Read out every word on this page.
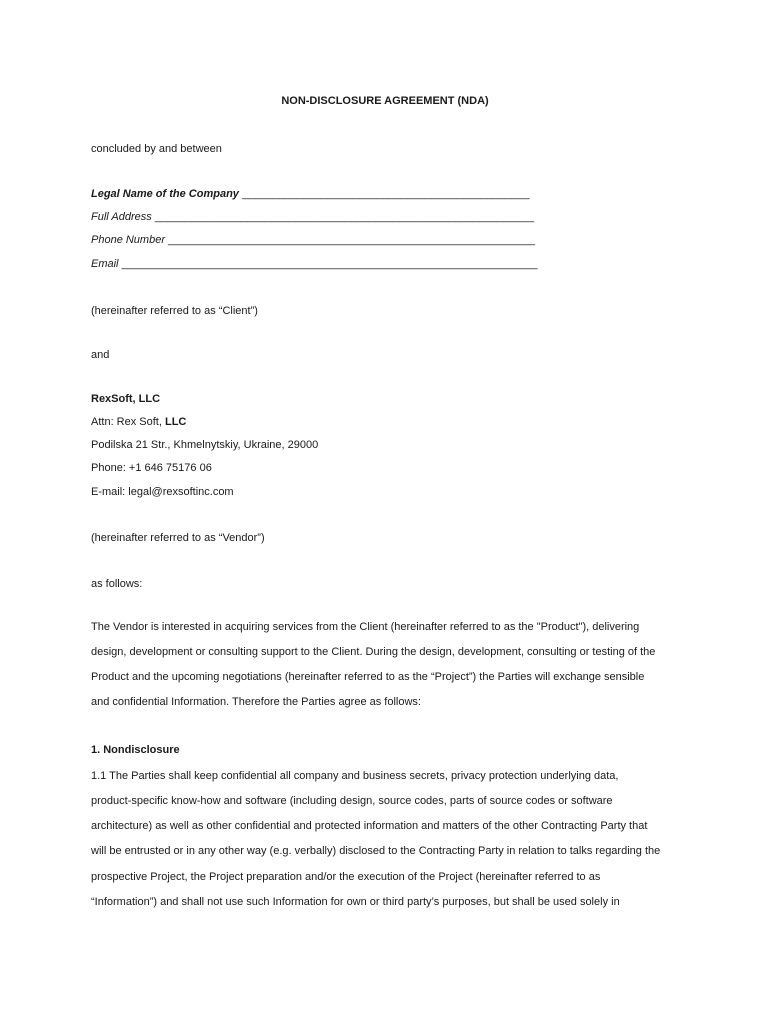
NON-DISCLOSURE AGREEMENT (NDA)
concluded by and between
Legal Name of the Company _______________________________________________
Full Address ______________________________________________________________
Phone Number ____________________________________________________________
Email ____________________________________________________________________
(hereinafter referred to as “Client”)
and
RexSoft, LLC
Attn: Rex Soft, LLC
Podilska 21 Str., Khmelnytskiy, Ukraine, 29000
Phone: +1 646 75176 06
E-mail: legal@rexsoftinc.com
(hereinafter referred to as “Vendor”)
as follows:
The Vendor is interested in acquiring services from the Client (hereinafter referred to as the "Product"), delivering
design, development or consulting support to the Client. During the design, development, consulting or testing of the
Product and the upcoming negotiations (hereinafter referred to as the “Project”) the Parties will exchange sensible
and confidential Information. Therefore the Parties agree as follows:
1. Nondisclosure
1.1 The Parties shall keep confidential all company and business secrets, privacy protection underlying data,
product-specific know-how and software (including design, source codes, parts of source codes or software
architecture) as well as other confidential and protected information and matters of the other Contracting Party that
will be entrusted or in any other way (e.g. verbally) disclosed to the Contracting Party in relation to talks regarding the
prospective Project, the Project preparation and/or the execution of the Project (hereinafter referred to as
“Information”) and shall not use such Information for own or third party’s purposes, but shall be used solely in
